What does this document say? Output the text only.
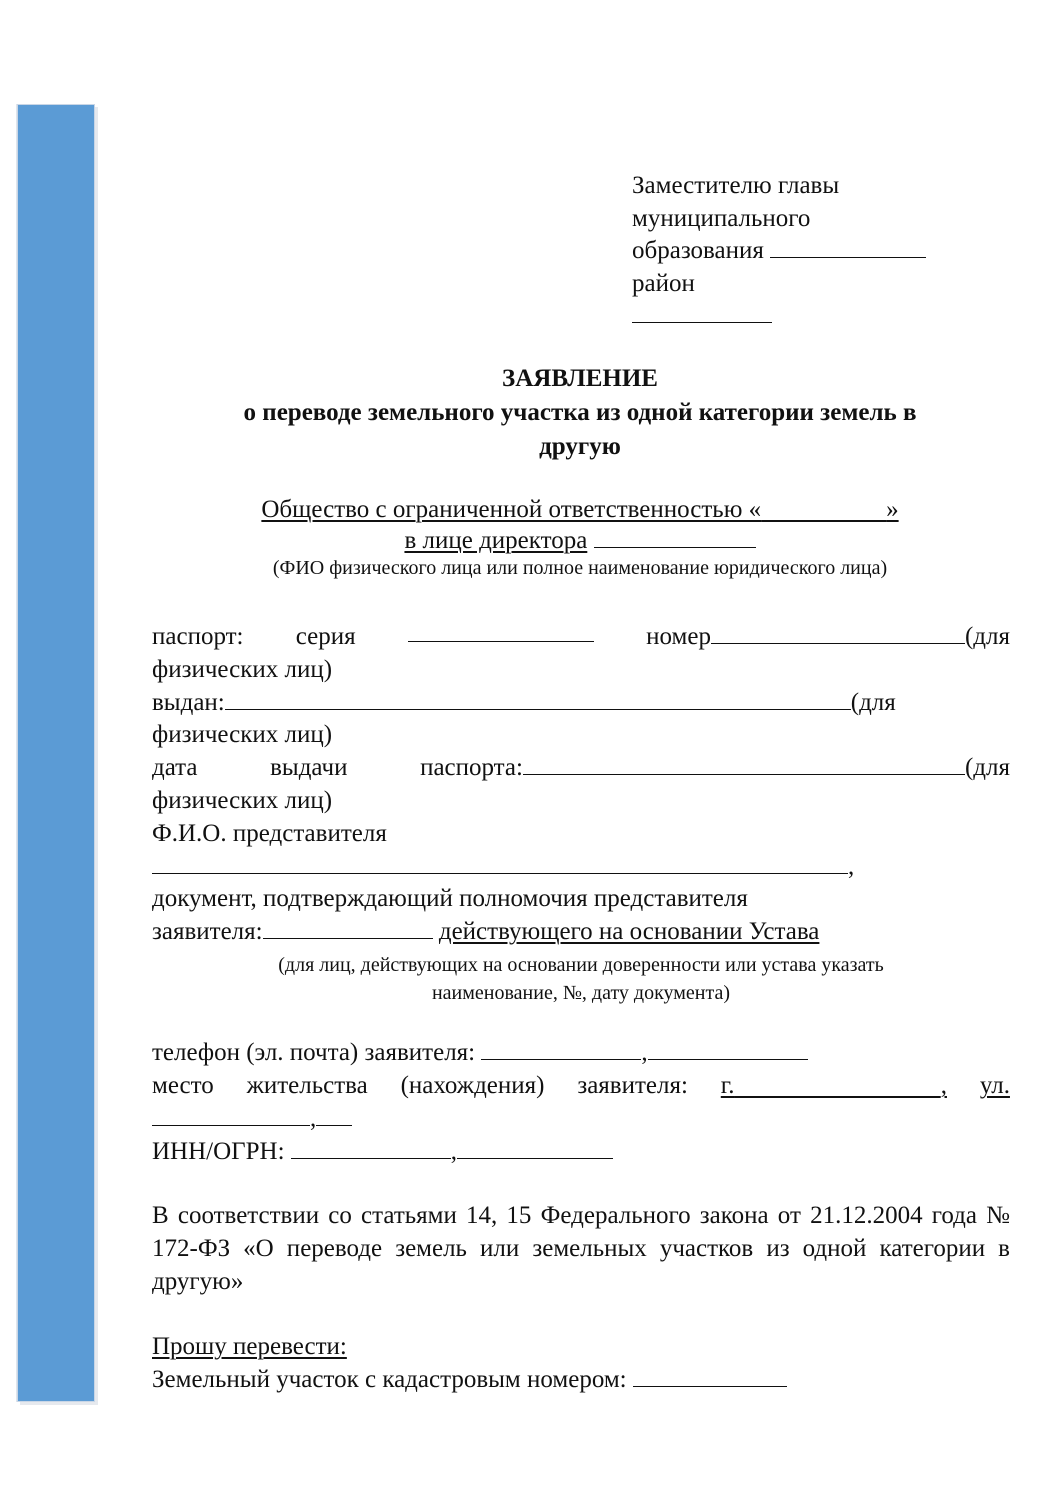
Заместителю главы
муниципального
образования
район
ЗАЯВЛЕНИЕ
о переводе земельного участка из одной категории земель в
другую
Общество с ограниченной ответственностью «	»
в лице директора
(ФИО физического лица или полное наименование юридического лица)
паспорт: серия	номер	(для
физических лиц)
выдан:	(для
физических лиц)
дата	выдачи	паспорта:	(для
физических лиц)
Ф.И.О. представителя
,
документ, подтверждающий полномочия представителя
заявителя:	действующего на основании Устава
(для лиц, действующих на основании доверенности или устава указать
наименование, №, дату документа)
телефон (эл. почта) заявителя:	,
место жительства (нахождения) заявителя: г.	, ул.
,
ИНН/ОГРН:	,
В соответствии со статьями 14, 15 Федерального закона от 21.12.2004 года № 172-ФЗ «О переводе земель или земельных участков из одной категории в другую»
Прошу перевести:
Земельный участок с кадастровым номером:
